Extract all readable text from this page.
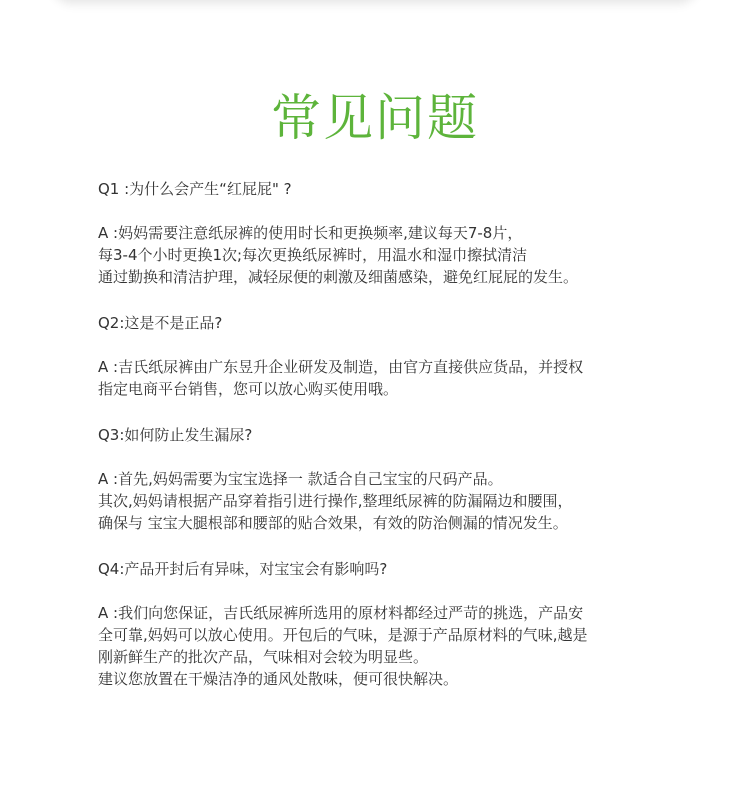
常见问题
Q1 :为什么会产生“红屁屁" ?
A :妈妈需要注意纸尿裤的使用时长和更换频率,建议每天7-8片，
每3-4个小时更换1次;每次更换纸尿裤时，用温水和湿巾擦拭清洁
通过勤换和清洁护理，减轻尿便的刺激及细菌感染，避免红屁屁的发生。
Q2:这是不是正品?
A :吉氏纸尿裤由广东昱升企业研发及制造，由官方直接供应货品，并授权
指定电商平台销售，您可以放心购买使用哦。
Q3:如何防止发生漏尿?
A :首先,妈妈需要为宝宝选择一 款适合自己宝宝的尺码产品。
其次,妈妈请根据产品穿着指引进行操作,整理纸尿裤的防漏隔边和腰围，
确保与 宝宝大腿根部和腰部的贴合效果，有效的防治侧漏的情况发生。
Q4:产品开封后有异味，对宝宝会有影响吗?
A :我们向您保证，吉氏纸尿裤所选用的原材料都经过严苛的挑选，产品安
全可靠,妈妈可以放心使用。开包后的气味，是源于产品原材料的气味,越是
刚新鲜生产的批次产品，气味相对会较为明显些。
建议您放置在干燥洁净的通风处散味，便可很快解决。
